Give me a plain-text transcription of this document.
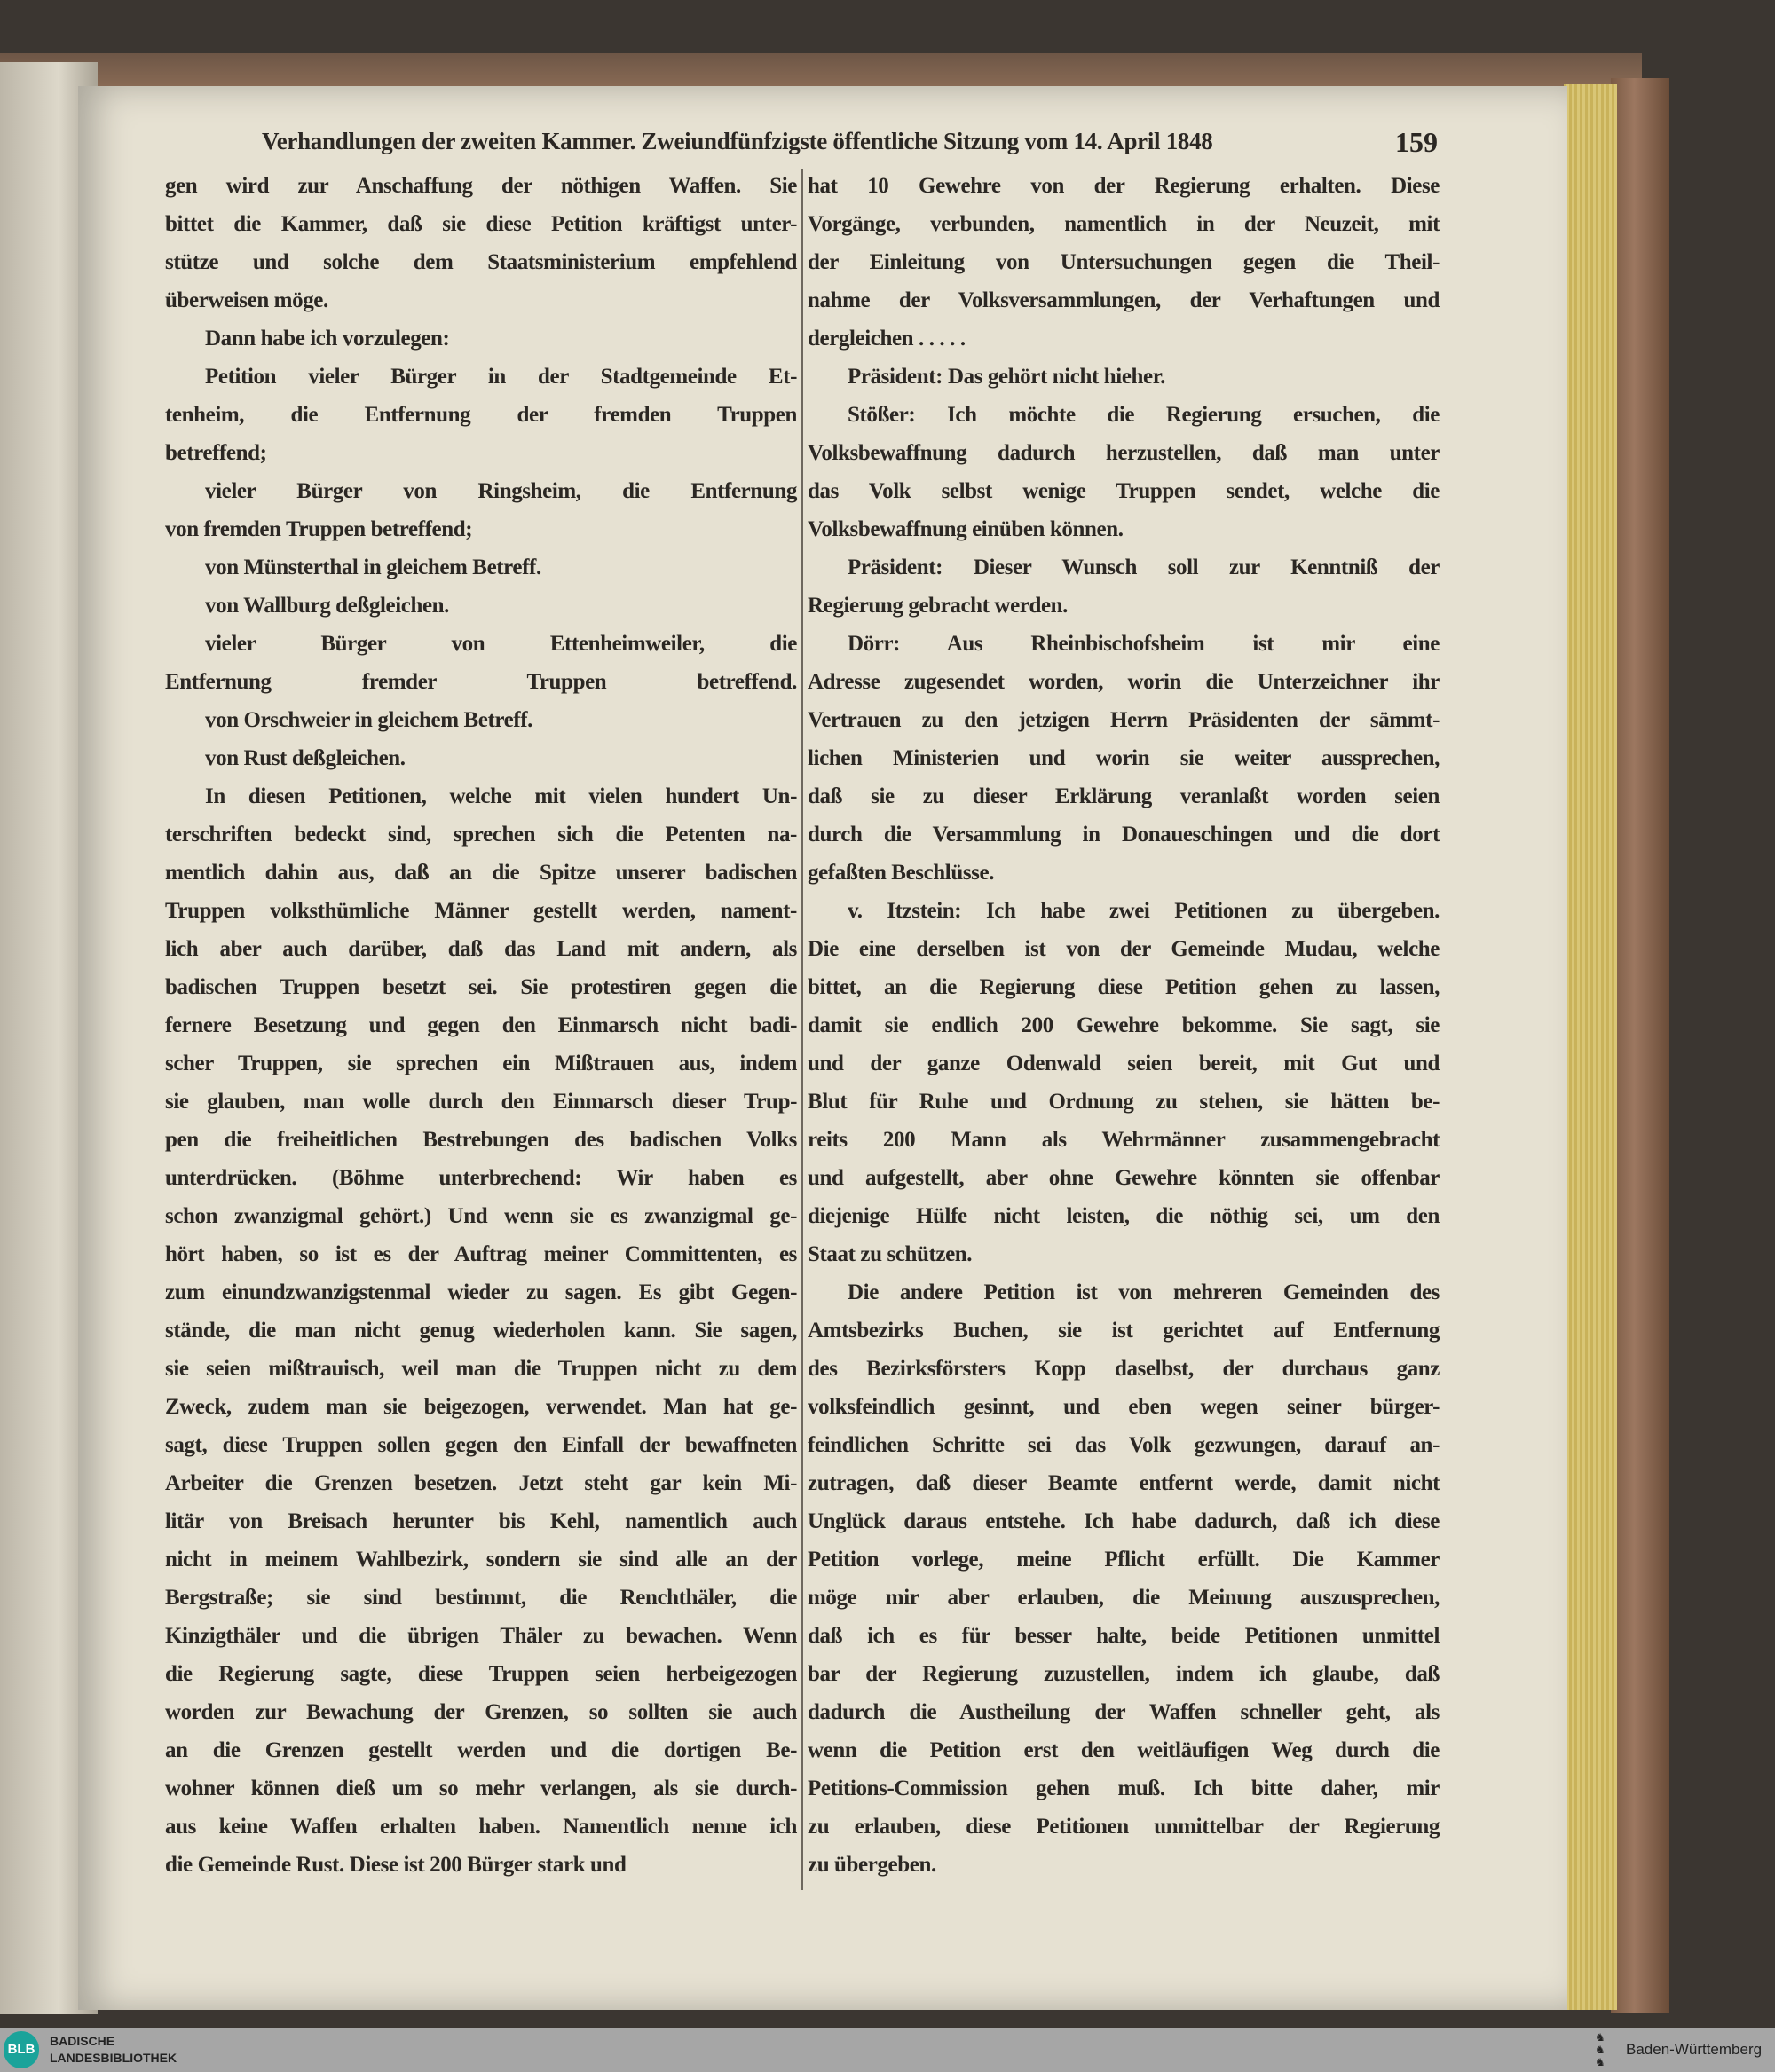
Verhandlungen der zweiten Kammer. Zweiundfünfzigste öffentliche Sitzung vom 14. April 1848	159
gen wird zur Anschaffung der nöthigen Waffen. Sie
bittet die Kammer, daß sie diese Petition kräftigst unter-
stütze und solche dem Staatsministerium empfehlend
überweisen möge.
Dann habe ich vorzulegen:
Petition vieler Bürger in der Stadtgemeinde Et-
tenheim, die Entfernung der fremden Truppen
betreffend;
vieler Bürger von Ringsheim, die Entfernung
von fremden Truppen betreffend;
von Münsterthal in gleichem Betreff.
von Wallburg deßgleichen.
vieler Bürger von Ettenheimweiler, die
Entfernung fremder Truppen betreffend.
von Orschweier in gleichem Betreff.
von Rust deßgleichen.
In diesen Petitionen, welche mit vielen hundert Un-
terschriften bedeckt sind, sprechen sich die Petenten na-
mentlich dahin aus, daß an die Spitze unserer badischen
Truppen volksthümliche Männer gestellt werden, nament-
lich aber auch darüber, daß das Land mit andern, als
badischen Truppen besetzt sei. Sie protestiren gegen die
fernere Besetzung und gegen den Einmarsch nicht badi-
scher Truppen, sie sprechen ein Mißtrauen aus, indem
sie glauben, man wolle durch den Einmarsch dieser Trup-
pen die freiheitlichen Bestrebungen des badischen Volks
unterdrücken. (Böhme unterbrechend: Wir haben es
schon zwanzigmal gehört.) Und wenn sie es zwanzigmal ge-
hört haben, so ist es der Auftrag meiner Committenten, es
zum einundzwanzigstenmal wieder zu sagen. Es gibt Gegen-
stände, die man nicht genug wiederholen kann. Sie sagen,
sie seien mißtrauisch, weil man die Truppen nicht zu dem
Zweck, zudem man sie beigezogen, verwendet. Man hat ge-
sagt, diese Truppen sollen gegen den Einfall der bewaffneten
Arbeiter die Grenzen besetzen. Jetzt steht gar kein Mi-
litär von Breisach herunter bis Kehl, namentlich auch
nicht in meinem Wahlbezirk, sondern sie sind alle an der
Bergstraße; sie sind bestimmt, die Renchthäler, die
Kinzigthäler und die übrigen Thäler zu bewachen. Wenn
die Regierung sagte, diese Truppen seien herbeigezogen
worden zur Bewachung der Grenzen, so sollten sie auch
an die Grenzen gestellt werden und die dortigen Be-
wohner können dieß um so mehr verlangen, als sie durch-
aus keine Waffen erhalten haben. Namentlich nenne ich
die Gemeinde Rust. Diese ist 200 Bürger stark und
hat 10 Gewehre von der Regierung erhalten. Diese
Vorgänge, verbunden, namentlich in der Neuzeit, mit
der Einleitung von Untersuchungen gegen die Theil-
nahme der Volksversammlungen, der Verhaftungen und
dergleichen . . . . .
Präsident: Das gehört nicht hieher.
Stößer: Ich möchte die Regierung ersuchen, die
Volksbewaffnung dadurch herzustellen, daß man unter
das Volk selbst wenige Truppen sendet, welche die
Volksbewaffnung einüben können.
Präsident: Dieser Wunsch soll zur Kenntniß der
Regierung gebracht werden.
Dörr: Aus Rheinbischofsheim ist mir eine
Adresse zugesendet worden, worin die Unterzeichner ihr
Vertrauen zu den jetzigen Herrn Präsidenten der sämmt-
lichen Ministerien und worin sie weiter aussprechen,
daß sie zu dieser Erklärung veranlaßt worden seien
durch die Versammlung in Donaueschingen und die dort
gefaßten Beschlüsse.
v. Itzstein: Ich habe zwei Petitionen zu übergeben.
Die eine derselben ist von der Gemeinde Mudau, welche
bittet, an die Regierung diese Petition gehen zu lassen,
damit sie endlich 200 Gewehre bekomme. Sie sagt, sie
und der ganze Odenwald seien bereit, mit Gut und
Blut für Ruhe und Ordnung zu stehen, sie hätten be-
reits 200 Mann als Wehrmänner zusammengebracht
und aufgestellt, aber ohne Gewehre könnten sie offenbar
diejenige Hülfe nicht leisten, die nöthig sei, um den
Staat zu schützen.
Die andere Petition ist von mehreren Gemeinden des
Amtsbezirks Buchen, sie ist gerichtet auf Entfernung
des Bezirksförsters Kopp daselbst, der durchaus ganz
volksfeindlich gesinnt, und eben wegen seiner bürger-
feindlichen Schritte sei das Volk gezwungen, darauf an-
zutragen, daß dieser Beamte entfernt werde, damit nicht
Unglück daraus entstehe. Ich habe dadurch, daß ich diese
Petition vorlege, meine Pflicht erfüllt. Die Kammer
möge mir aber erlauben, die Meinung auszusprechen,
daß ich es für besser halte, beide Petitionen unmittel
bar der Regierung zuzustellen, indem ich glaube, daß
dadurch die Austheilung der Waffen schneller geht, als
wenn die Petition erst den weitläufigen Weg durch die
Petitions-Commission gehen muß. Ich bitte daher, mir
zu erlauben, diese Petitionen unmittelbar der Regierung
zu übergeben.
BLB
BADISCHE
LANDESBIBLIOTHEK
♞
♞
♞
Baden-Württemberg
